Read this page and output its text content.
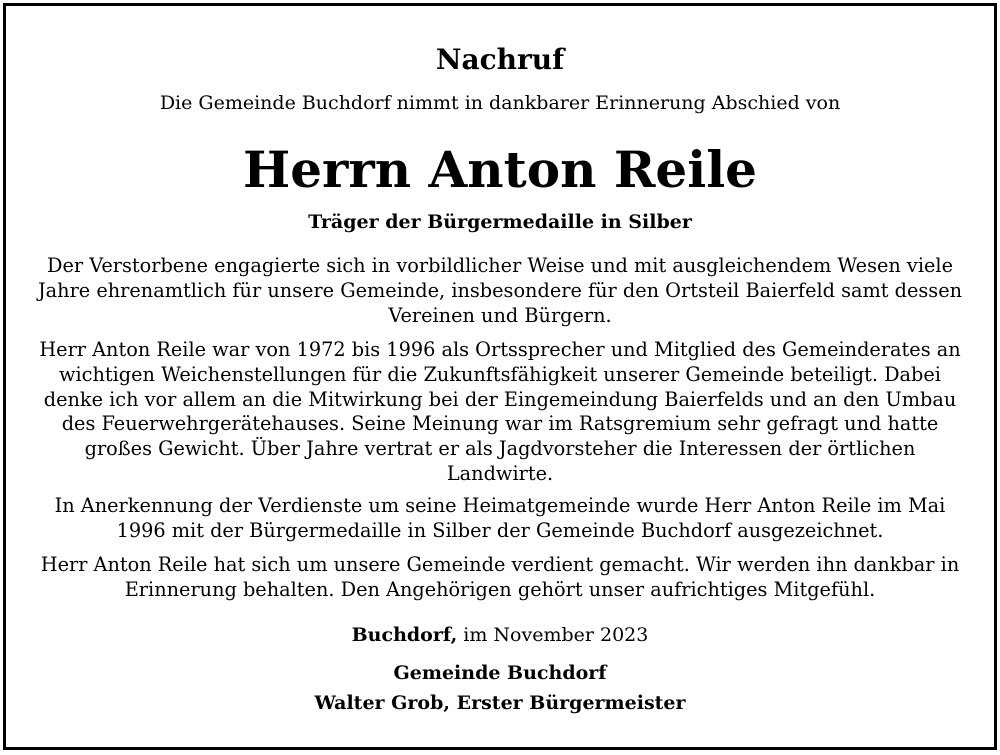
Nachruf
Die Gemeinde Buchdorf nimmt in dankbarer Erinnerung Abschied von
Herrn Anton Reile
Träger der Bürgermedaille in Silber

Der Verstorbene engagierte sich in vorbildlicher Weise und mit ausgleichendem Wesen viele Jahre ehrenamtlich für unsere Gemeinde, insbesondere für den Ortsteil Baierfeld samt dessen Vereinen und Bürgern.

Herr Anton Reile war von 1972 bis 1996 als Ortssprecher und Mitglied des Gemeinderates an wichtigen Weichenstellungen für die Zukunftsfähigkeit unserer Gemeinde beteiligt. Dabei denke ich vor allem an die Mitwirkung bei der Eingemeindung Baierfelds und an den Umbau des Feuerwehrgerätehauses. Seine Meinung war im Ratsgremium sehr gefragt und hatte großes Gewicht. Über Jahre vertrat er als Jagdvorsteher die Interessen der örtlichen Landwirte.

In Anerkennung der Verdienste um seine Heimatgemeinde wurde Herr Anton Reile im Mai 1996 mit der Bürgermedaille in Silber der Gemeinde Buchdorf ausgezeichnet.

Herr Anton Reile hat sich um unsere Gemeinde verdient gemacht. Wir werden ihn dankbar in Erinnerung behalten. Den Angehörigen gehört unser aufrichtiges Mitgefühl.

Buchdorf, im November 2023
Gemeinde Buchdorf
Walter Grob, Erster Bürgermeister
